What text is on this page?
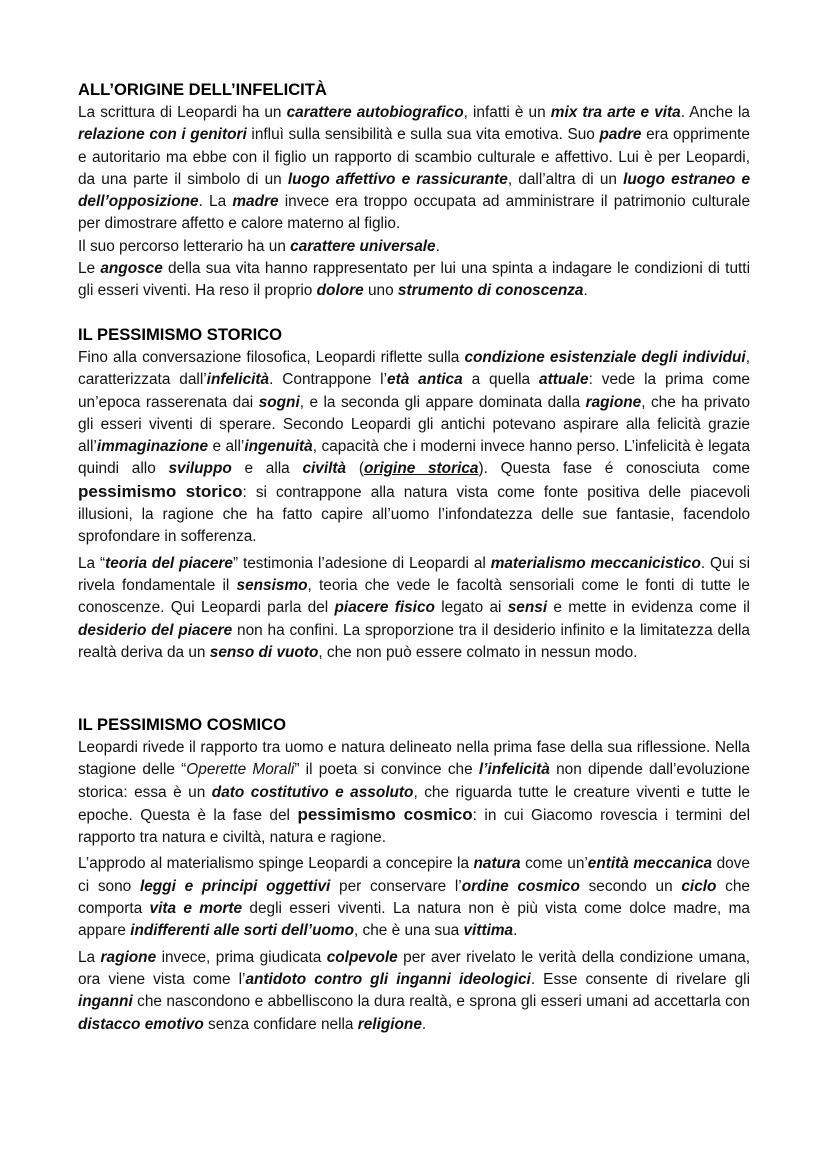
ALL’ORIGINE DELL’INFELICITÀ
La scrittura di Leopardi ha un carattere autobiografico, infatti è un mix tra arte e vita. Anche la relazione con i genitori influì sulla sensibilità e sulla sua vita emotiva. Suo padre era opprimente e autoritario ma ebbe con il figlio un rapporto di scambio culturale e affettivo. Lui è per Leopardi, da una parte il simbolo di un luogo affettivo e rassicurante, dall’altra di un luogo estraneo e dell’opposizione. La madre invece era troppo occupata ad amministrare il patrimonio culturale per dimostrare affetto e calore materno al figlio.
Il suo percorso letterario ha un carattere universale.
Le angosce della sua vita hanno rappresentato per lui una spinta a indagare le condizioni di tutti gli esseri viventi. Ha reso il proprio dolore uno strumento di conoscenza.
IL PESSIMISMO STORICO
Fino alla conversazione filosofica, Leopardi riflette sulla condizione esistenziale degli individui, caratterizzata dall’infelicità. Contrappone l’età antica a quella attuale: vede la prima come un’epoca rasserenata dai sogni, e la seconda gli appare dominata dalla ragione, che ha privato gli esseri viventi di sperare. Secondo Leopardi gli antichi potevano aspirare alla felicità grazie all’immaginazione e all’ingenuità, capacità che i moderni invece hanno perso. L’infelicità è legata quindi allo sviluppo e alla civiltà (origine storica). Questa fase é conosciuta come pessimismo storico: si contrappone alla natura vista come fonte positiva delle piacevoli illusioni, la ragione che ha fatto capire all’uomo l’infondatezza delle sue fantasie, facendolo sprofondare in sofferenza.
La “teoria del piacere” testimonia l’adesione di Leopardi al materialismo meccanicistico. Qui si rivela fondamentale il sensismo, teoria che vede le facoltà sensoriali come le fonti di tutte le conoscenze. Qui Leopardi parla del piacere fisico legato ai sensi e mette in evidenza come il desiderio del piacere non ha confini. La sproporzione tra il desiderio infinito e la limitatezza della realtà deriva da un senso di vuoto, che non può essere colmato in nessun modo.
IL PESSIMISMO COSMICO
Leopardi rivede il rapporto tra uomo e natura delineato nella prima fase della sua riflessione. Nella stagione delle “Operette Morali” il poeta si convince che l’infelicità non dipende dall’evoluzione storica: essa è un dato costitutivo e assoluto, che riguarda tutte le creature viventi e tutte le epoche. Questa è la fase del pessimismo cosmico: in cui Giacomo rovescia i termini del rapporto tra natura e civiltà, natura e ragione.
L’approdo al materialismo spinge Leopardi a concepire la natura come un’entità meccanica dove ci sono leggi e principi oggettivi per conservare l’ordine cosmico secondo un ciclo che comporta vita e morte degli esseri viventi. La natura non è più vista come dolce madre, ma appare indifferenti alle sorti dell’uomo, che è una sua vittima.
La ragione invece, prima giudicata colpevole per aver rivelato le verità della condizione umana, ora viene vista come l’antidoto contro gli inganni ideologici. Esse consente di rivelare gli inganni che nascondono e abbelliscono la dura realtà, e sprona gli esseri umani ad accettarla con distacco emotivo senza confidare nella religione.
